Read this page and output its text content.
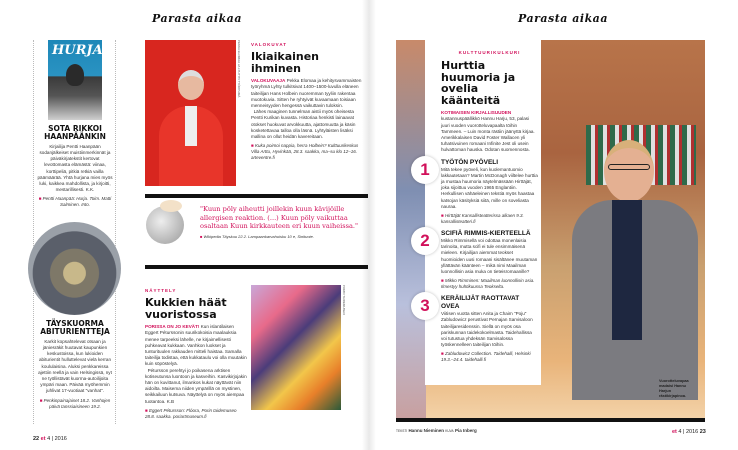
Parasta aikaa	Parasta aikaa
HURJA
SOTA RIKKOI HAANPÄÄNKIN
Kirjailija Pentti Haanpään sodanjälkeiset muistiinmerkinnät ja päiväkirjatekstit kertovat levottomasta elämästä: viinaa, korttipeliä, pitkiä retkiä vailla päämäärää. Yhtä hurjana mies myös luki, kaikkea mahdollista, ja kirjoitti, mestarillisesti. K.K.
■ Pentti Haanpää: Hurja. Toim. Matti Salminen. Into.
TÄYSKUORMA ABITURIENTTEJA
Karkit kopsahtelevat otsaan ja jäniesräkit huutavat kaupunkien keskustoissa, kun lukioiden abiturientit hulluttelevat vielä kerran koululaisina. Aluksi penkkareissa ajettiin reellä ja vain Helsingissä, nyt ne työllistävät kuorma-autoilijoita ympäri maan. Päivää myöhemmin juhlivat 17-vuotiaat "vanhat".
■ Penkinpainajaiset 18.2. Vanhojen päivä tanssiaisineen 19.2.
PEKKA ELOMAA JA LYHTYN TYÖRYHMÄ VALOKUVAT
Ikiaikainen ihminen
VALOKUVAAJA Pekka Elomaa ja kehitysvammaisten työryhmä Lyhty tulkitsivat 1400–1500-luvulla eläneen taiteilijan Hans Holbein nuoremman tyyliin rakentaa muotokuvia. Sitten he ryhtyivät kuvaamaan toisiaan menneisyyden hengessä vaikuttavin tuloksin.
Lähes maaginen tunnelman aistii myös oheisesta Pentti Kurikan kuvasta. Historiaa henkisti lainaavat otokset huokuvat arvokkuutta, ajattomuutta ja käsin kosketettavaa talloa olla läsnä. Lyhtyläisten lisäksi mallina on ollut heidän kavereitaan.
■ Kuka poimoi nappia, herra Holbein? Kulttuurikeskus Villa Arttu, Hyvinkää, 28.3. saakka, ma–su klo 12–16. arteventre.fi
"Kuun pöly aiheutti joillekin kuun kävijöille allergisen reaktion. (...) Kuun pöly vaikuttaa osaltaan Kuun kirkkauteen eri kuun vaiheissa."
■ Wikipedia Täyskuu 22.2. Lampaankarvahuisku 10 e, Sinituote.
NÄYTTELY
Kukkien häät vuoristossa
PORISSA ON JO KEVÄT! Kun islantilaisen Eggert Péturssonin suurikokoisia maalauksia menee tarpeeksi lähelle, ne kirjaimellisesti puhkeavat kukkaan. Vanhkon luokset ja tunturituulen rakkauden mitteli haistaa. Samalla taiteilija todistaa, että kukkataulu voi olla muutakin kuin söpöstelyä.
Pétursson perehtyi jo poikasena arktisen kotiseutunsa luontoon ja kasveihin. Kasvikirjojakin hän on kuvittanut, ilmankos kukat näyttävät niin aidoilta. Maisema niiden ympärillä on mystinen, seikkailuun kutsuva. Näyttelyä on myös aiempaa tuotantoa. K.B
■ Eggert Pétursson: Flóora, Porin taidemuseo 28.8. saakka. poriartmuseum.fi
PORIN TAIDEMUSEO
22 et 4 | 2016
KULTTUURIKULKURI
Hurttia huumoria ja ovelia käänteitä
KOTIMAISEN KIRJALLISUUDEN kustannuspäällikkö Hannu Harju, 53, palasi juuri vuoden vuorotteluvapaalta töihin Tammeen. – Luin monta rästiin jäänyttä kirjaa. Amerikkalaisen David Foster Wallacen yli tuhatsivuinen romaani Infinite Jest oli usein hulvattoman hauska. Odotan suomennosta.
1	TYÖTÖN PYÖVELI
Mitä tekee pyöveli, kun kuolemantuomio lakkautetaan? Martin McDonagh viiltelee hurttia ja mustaa huumoria näytelmässään Hirttäjät, joka sijoittuu vuoden 1965 Englantiin. Herkullisen vähäeleinen tekstiä myös haastaa katsojan käsityksiä siitä, mille on soveliasta nauraa.
■ Hirttäjät Kansallisteatterissa alkaen 9.3. kansallisteatteri.fi
2	SCIFIÄ RIMMIS-KIERTEELLÄ
Mikko Rimmisellä voi odottaa monenlaisia tarinoita, mutta scifi ei tule ensimmäisenä mieleen. Kirjailijan aiemmat teokset huomioiden uusi romaani sisältänee muutaman yllättävän käänteen – mikä nimi Maailman luonnollisin asia muka on tieteisromaanille?
■ Mikko Rimminen: Maailman luonnollisin asia. Ilmestyy huhtikuussa Teokselta.
3	KERÄILIJÄT RAOTTAVAT OVEA
Viitisen vuotta sitten Anita ja Chaim "Poju" Zabludowicz perustivat Pernajan Sarvisaloon taiteilijaresidenssin. Siellä on myös osa pariskunnan taidekokoelmasta. Taidehallissa voi tutustua yhdeksän Sarvisalossa työskennelleen taiteilijan töihin.
■ Zabludowicz Collection. Taidehalli, Helsinki 19.3.–24.4. taidehalli.fi
Vuorotteluvapaa madaisi Hannu Harjun rästikirjapinoa.
TEKSTI Hannu Nieminen KUVA Pia Inberg	et 4 | 2016 23
